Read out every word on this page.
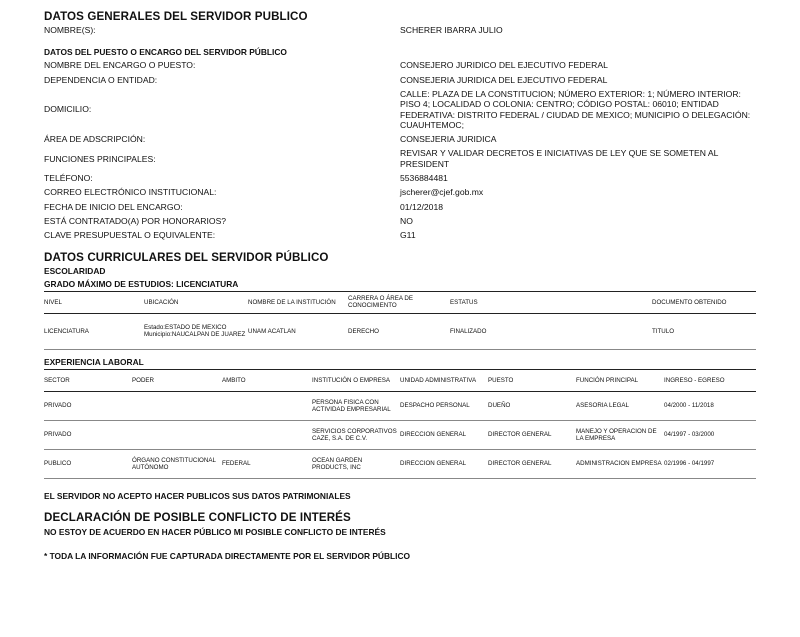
DATOS GENERALES DEL SERVIDOR PUBLICO
NOMBRE(S):	SCHERER IBARRA JULIO
DATOS DEL PUESTO O ENCARGO DEL SERVIDOR PÚBLICO
NOMBRE DEL ENCARGO O PUESTO:	CONSEJERO JURIDICO DEL EJECUTIVO FEDERAL
DEPENDENCIA O ENTIDAD:	CONSEJERIA JURIDICA DEL EJECUTIVO FEDERAL
DOMICILIO:
CALLE: PLAZA DE LA CONSTITUCION; NÚMERO EXTERIOR: 1; NÚMERO INTERIOR: PISO 4; LOCALIDAD O COLONIA: CENTRO; CÓDIGO POSTAL: 06010; ENTIDAD FEDERATIVA: DISTRITO FEDERAL / CIUDAD DE MEXICO; MUNICIPIO O DELEGACIÓN: CUAUHTEMOC;
ÁREA DE ADSCRIPCIÓN:	CONSEJERIA JURIDICA
FUNCIONES PRINCIPALES:
REVISAR Y VALIDAR DECRETOS E INICIATIVAS DE LEY QUE SE SOMETEN AL PRESIDENT
TELÉFONO:	5536884481
CORREO ELECTRÓNICO INSTITUCIONAL:	jscherer@cjef.gob.mx
FECHA DE INICIO DEL ENCARGO:	01/12/2018
ESTÁ CONTRATADO(A) POR HONORARIOS?	NO
CLAVE PRESUPUESTAL O EQUIVALENTE:	G11
DATOS CURRICULARES DEL SERVIDOR PÚBLICO
ESCOLARIDAD
GRADO MÁXIMO DE ESTUDIOS: LICENCIATURA
NIVEL	UBICACIÓN	NOMBRE DE LA INSTITUCIÓN	CARRERA O ÁREA DE CONOCIMIENTO	ESTATUS	DOCUMENTO OBTENIDO
LICENCIATURA	Estado:ESTADO DE MEXICO Municipio:NAUCALPAN DE JUAREZ	UNAM ACATLAN	DERECHO	FINALIZADO	TITULO
EXPERIENCIA LABORAL
SECTOR	PODER	AMBITO	INSTITUCIÓN O EMPRESA	UNIDAD ADMINISTRATIVA	PUESTO	FUNCIÓN PRINCIPAL	INGRESO - EGRESO
PRIVADO			PERSONA FISICA CON ACTIVIDAD EMPRESARIAL	DESPACHO PERSONAL	DUEÑO	ASESORIA LEGAL	04/2000 - 11/2018
PRIVADO			SERVICIOS CORPORATIVOS CAZE, S.A. DE C.V.	DIRECCION GENERAL	DIRECTOR GENERAL	MANEJO Y OPERACION DE LA EMPRESA	04/1997 - 03/2000
PUBLICO	ÓRGANO CONSTITUCIONAL AUTÓNOMO	FEDERAL	OCEAN GARDEN PRODUCTS, INC	DIRECCION GENERAL	DIRECTOR GENERAL	ADMINISTRACION EMPRESA	02/1996 - 04/1997
EL SERVIDOR NO ACEPTO HACER PUBLICOS SUS DATOS PATRIMONIALES
DECLARACIÓN DE POSIBLE CONFLICTO DE INTERÉS
NO ESTOY DE ACUERDO EN HACER PÚBLICO MI POSIBLE CONFLICTO DE INTERÉS
* TODA LA INFORMACIÓN FUE CAPTURADA DIRECTAMENTE POR EL SERVIDOR PÚBLICO
